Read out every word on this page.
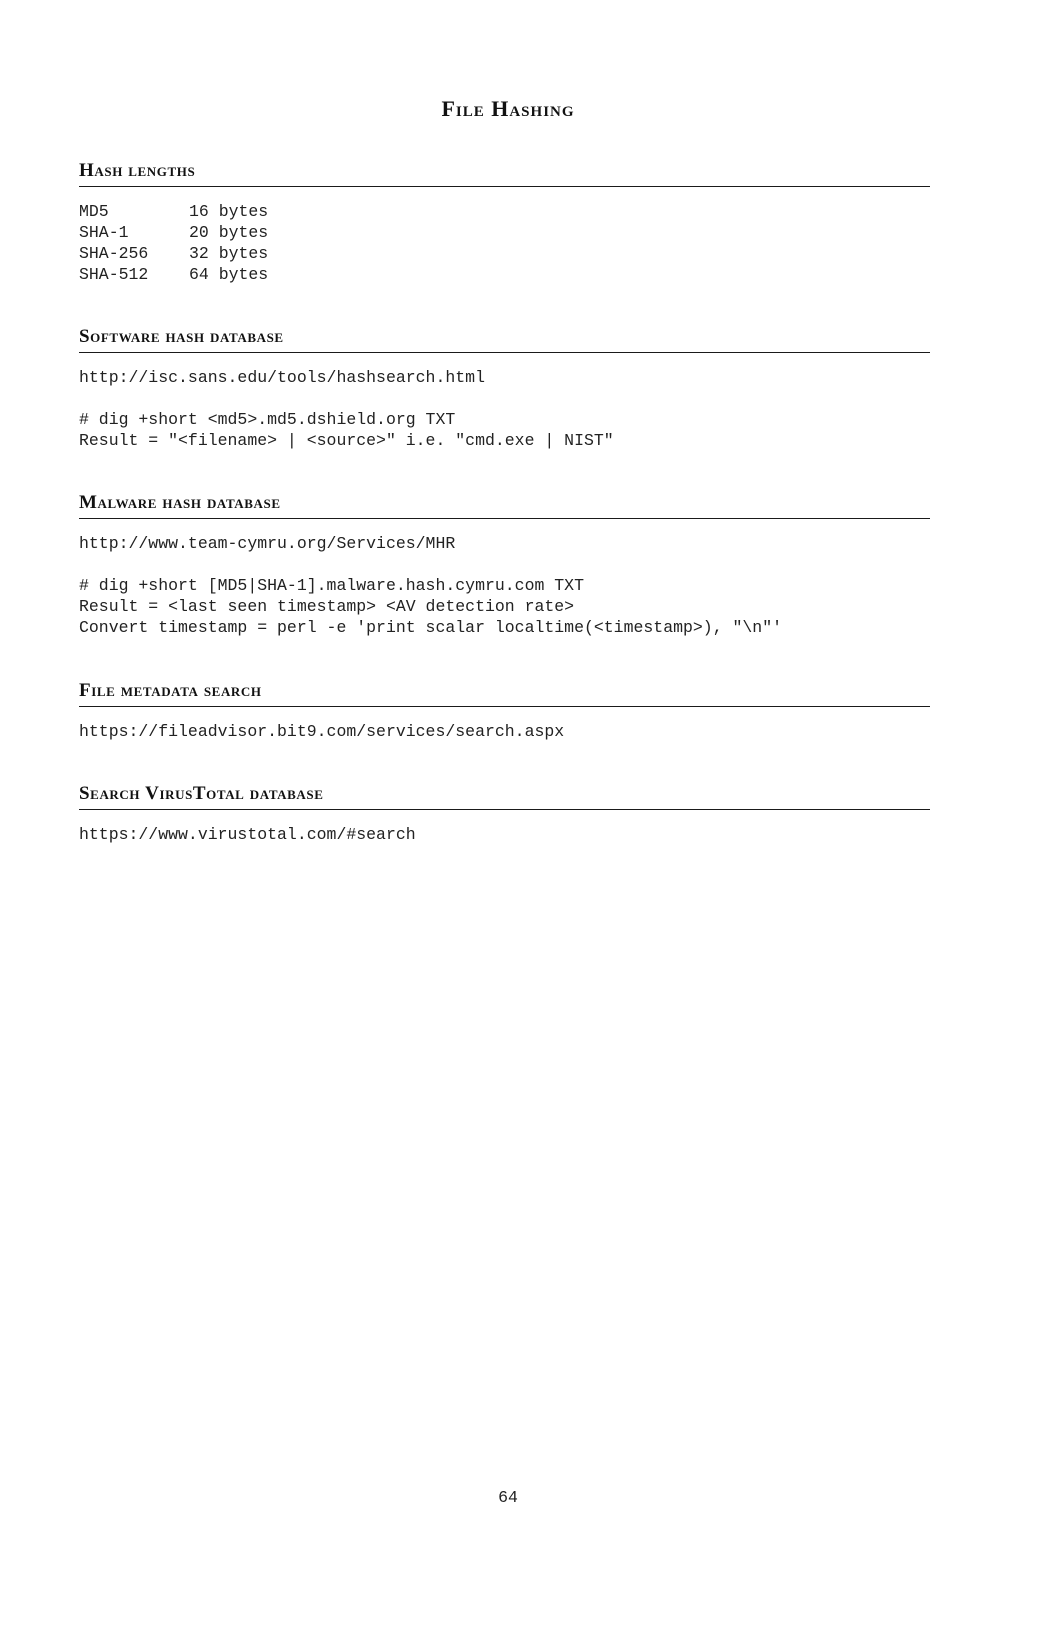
File Hashing
Hash lengths
MD5	16 bytes
SHA-1	20 bytes
SHA-256	32 bytes
SHA-512	64 bytes
Software hash database

http://isc.sans.edu/tools/hashsearch.html

# dig +short <md5>.md5.dshield.org TXT

Result = "<filename> | <source>" i.e. "cmd.exe | NIST"

Malware hash database

http://www.team-cymru.org/Services/MHR

# dig +short [MD5|SHA-1].malware.hash.cymru.com TXT

Result = <last seen timestamp> <AV detection rate>

Convert timestamp = perl -e 'print scalar localtime(<timestamp>), "\n"'

File metadata search

https://fileadvisor.bit9.com/services/search.aspx

Search VirusTotal database

https://www.virustotal.com/#search

64
